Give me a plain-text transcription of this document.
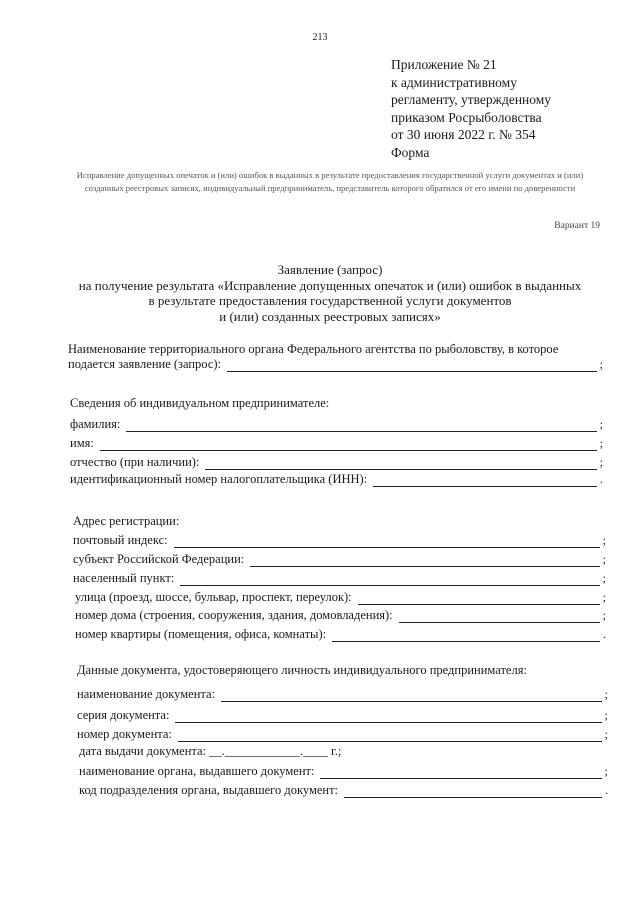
213
Приложение № 21
к административному
регламенту, утвержденному
приказом Росрыболовства
от 30 июня 2022 г. № 354
Форма
Исправление допущенных опечаток и (или) ошибок в выданных в результате предоставления государственной услуги документах и (или) созданных реестровых записях, индивидуальный предприниматель, представитель которого обратился от его имени по доверенности
Вариант 19
Заявление (запрос)
на получение результата «Исправление допущенных опечаток и (или) ошибок в выданных
в результате предоставления государственной услуги документов
и (или) созданных реестровых записях»
Наименование территориального органа Федерального агентства по рыболовству, в которое
подается заявление (запрос):	;
Сведения об индивидуальном предпринимателе:
фамилия:	;
имя:	;
отчество (при наличии):	;
идентификационный номер налогоплательщика (ИНН):	.
Адрес регистрации:
почтовый индекс:	;
субъект Российской Федерации:	;
населенный пункт:	;
улица (проезд, шоссе, бульвар, проспект, переулок):	;
номер дома (строения, сооружения, здания, домовладения):	;
номер квартиры (помещения, офиса, комнаты):	.
Данные документа, удостоверяющего личность индивидуального предпринимателя:
наименование документа:	;
серия документа:	;
номер документа:	;
дата выдачи документа: __.____________.____ г.;
наименование органа, выдавшего документ:	;
код подразделения органа, выдавшего документ:	.
